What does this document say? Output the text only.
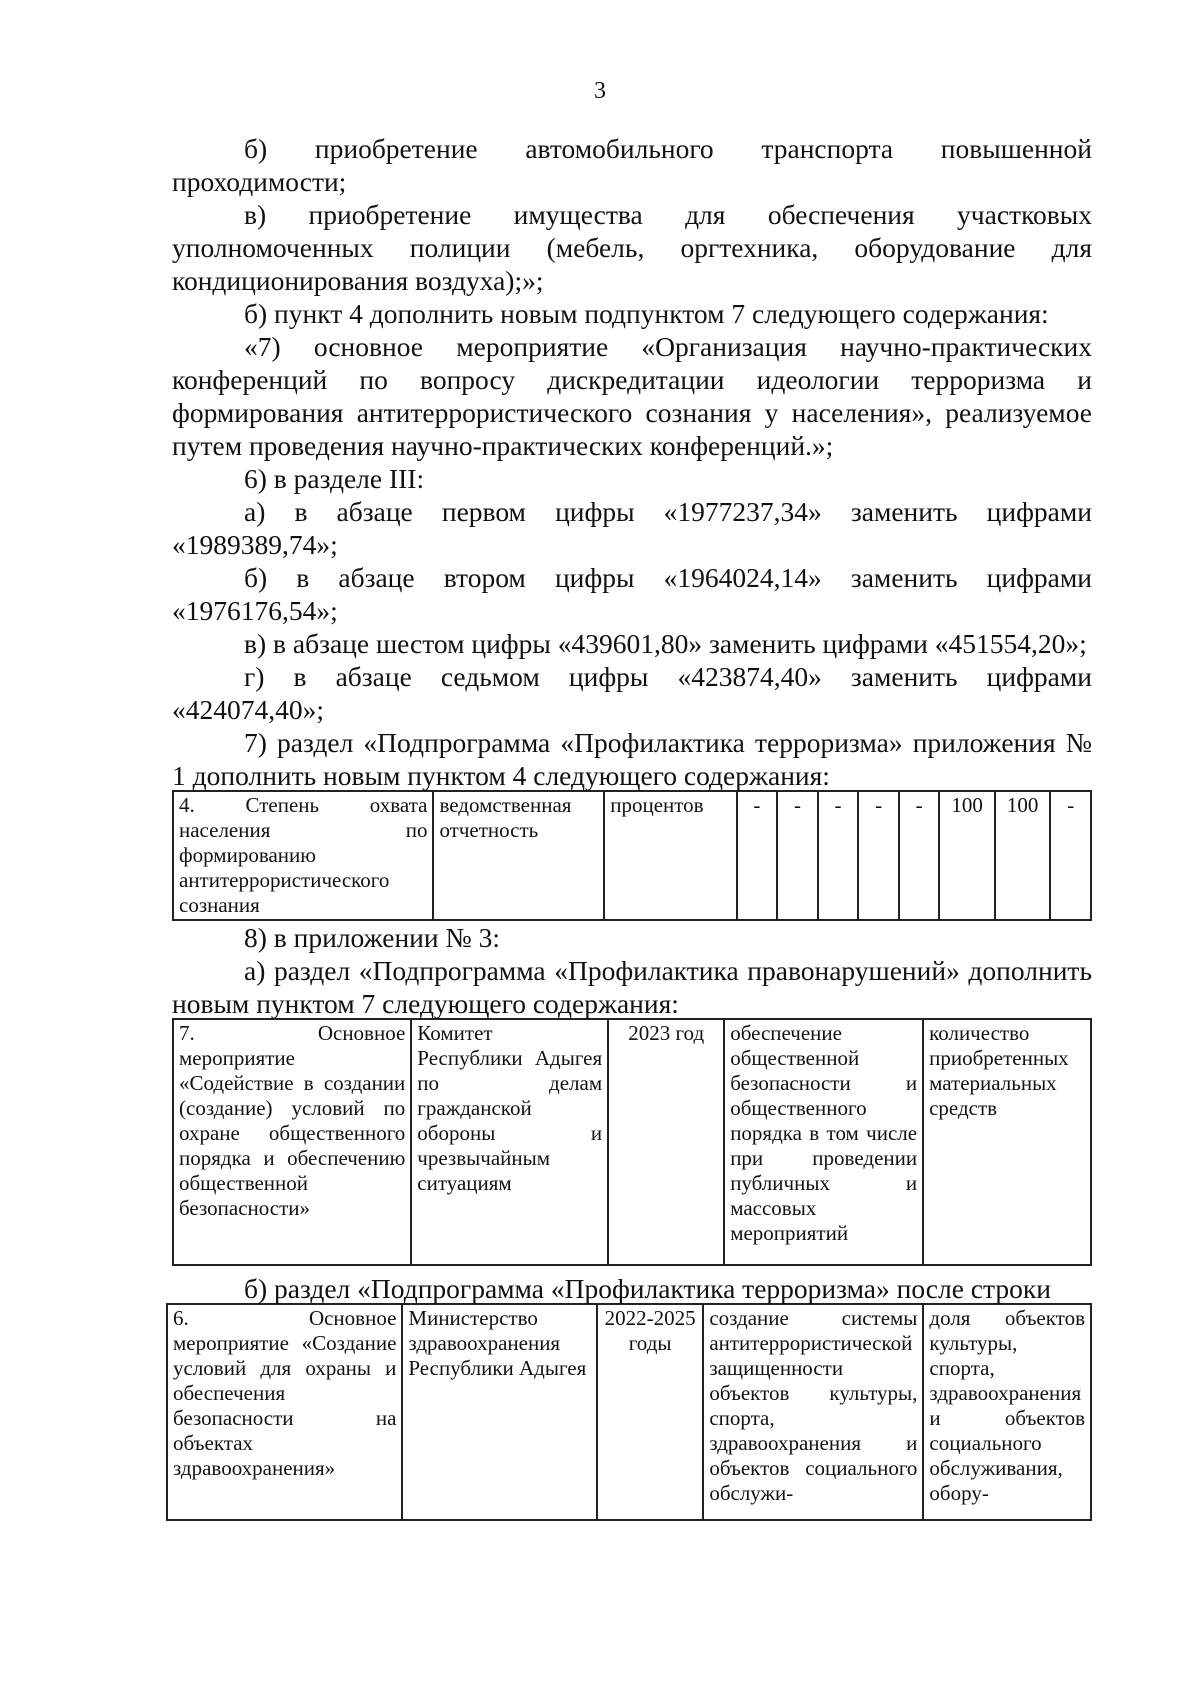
3

б) приобретение автомобильного транспорта повышенной проходимости;

в) приобретение имущества для обеспечения участковых уполномоченных полиции (мебель, оргтехника, оборудование для кондиционирования воздуха);»;

б) пункт 4 дополнить новым подпунктом 7 следующего содержания:

«7) основное мероприятие «Организация научно-практических конференций по вопросу дискредитации идеологии терроризма и формирования антитеррористического сознания у населения», реализуемое путем проведения научно-практических конференций.»;

6) в разделе III:

а) в абзаце первом цифры «1977237,34» заменить цифрами «1989389,74»;

б) в абзаце втором цифры «1964024,14» заменить цифрами «1976176,54»;

в) в абзаце шестом цифры «439601,80» заменить цифрами «451554,20»;

г) в абзаце седьмом цифры «423874,40» заменить цифрами «424074,40»;

7) раздел «Подпрограмма «Профилактика терроризма» приложения № 1 дополнить новым пунктом 4 следующего содержания:

4. Степень охвата населения по формированию антитеррористического сознания	ведомственная отчетность	процентов	-	-	-	-	-	100	100	-

8) в приложении № 3:

а) раздел «Подпрограмма «Профилактика правонарушений» дополнить новым пунктом 7 следующего содержания:

7. Основное мероприятие «Содействие в создании (создание) условий по охране общественного порядка и обеспечению общественной безопасности»	Комитет Республики Адыгея по делам гражданской обороны и чрезвычайным ситуациям	2023 год	обеспечение общественной безопасности и общественного порядка в том числе при проведении публичных и массовых мероприятий	количество приобретенных материальных средств

б) раздел «Подпрограмма «Профилактика терроризма» после строки

6. Основное мероприятие «Создание условий для охраны и обеспечения безопасности на объектах здравоохранения»	Министерство здравоохранения Республики Адыгея	2022-2025 годы	создание системы антитеррористической защищенности объектов культуры, спорта, здравоохранения и объектов социального обслужи-	доля объектов культуры, спорта, здравоохранения и объектов социального обслуживания, обору-
